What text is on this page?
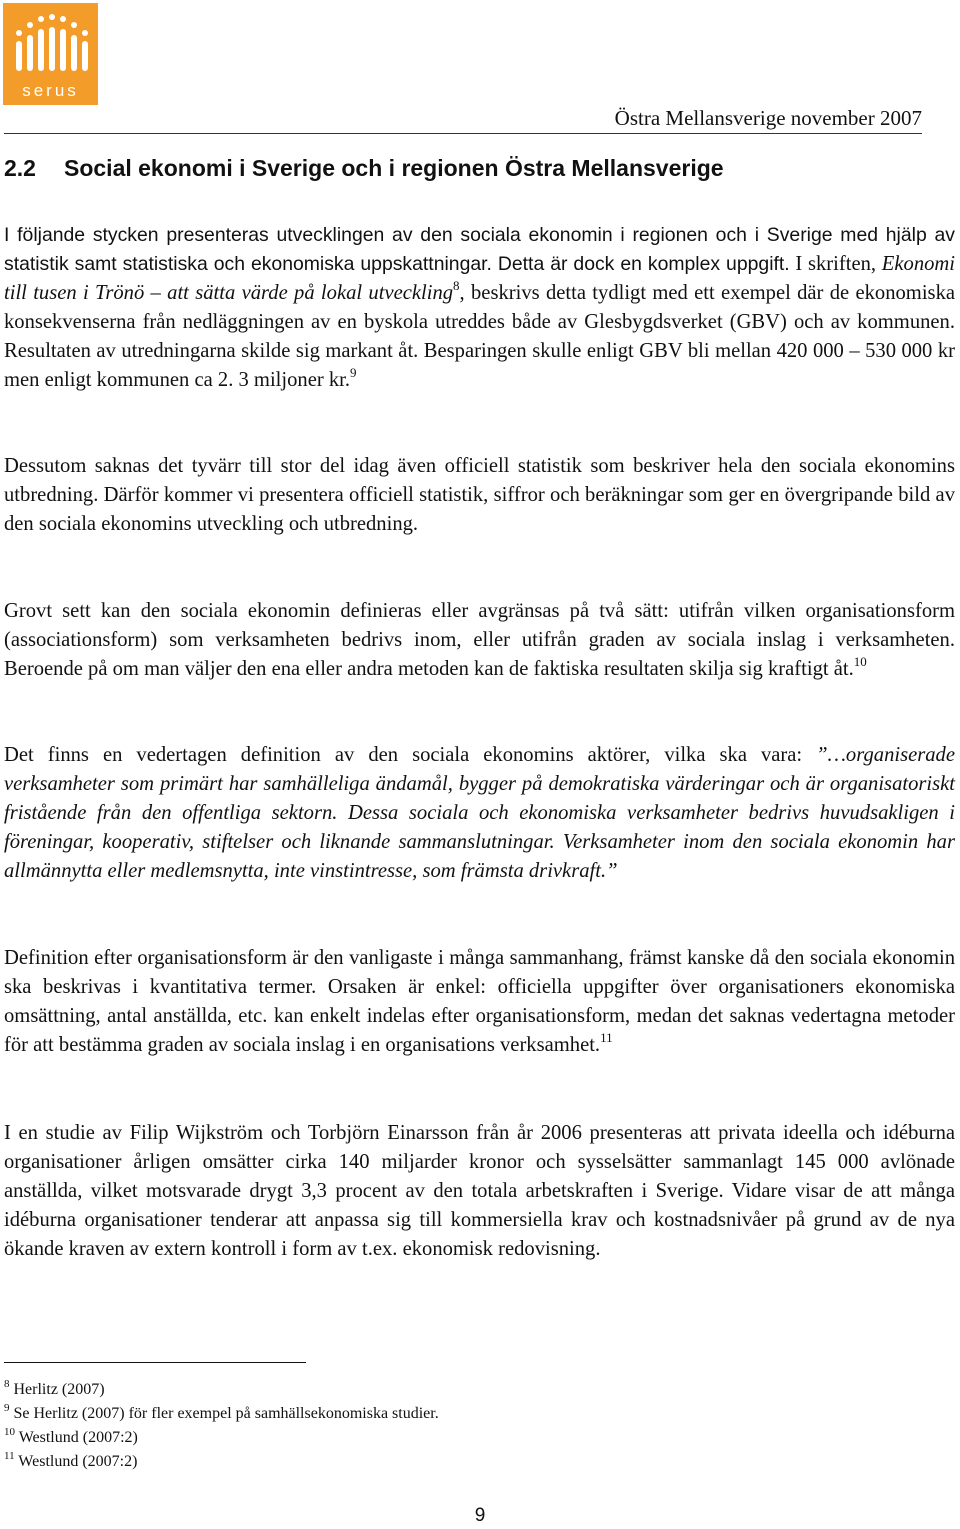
serus
Östra Mellansverige november 2007
2.2 Social ekonomi i Sverige och i regionen Östra Mellansverige

I följande stycken presenteras utvecklingen av den sociala ekonomin i regionen och i Sverige med hjälp av statistik samt statistiska och ekonomiska uppskattningar. Detta är dock en komplex uppgift. I skriften, Ekonomi till tusen i Trönö – att sätta värde på lokal utveckling$^8$, beskrivs detta tydligt med ett exempel där de ekonomiska konsekvenserna från nedläggningen av en byskola utreddes både av Glesbygdsverket (GBV) och av kommunen. Resultaten av utredningarna skilde sig markant åt. Besparingen skulle enligt GBV bli mellan 420 000 – 530 000 kr men enligt kommunen ca 2. 3 miljoner kr.$^9$

Dessutom saknas det tyvärr till stor del idag även officiell statistik som beskriver hela den sociala ekonomins utbredning. Därför kommer vi presentera officiell statistik, siffror och beräkningar som ger en övergripande bild av den sociala ekonomins utveckling och utbredning.

Grovt sett kan den sociala ekonomin definieras eller avgränsas på två sätt: utifrån vilken organisationsform (associationsform) som verksamheten bedrivs inom, eller utifrån graden av sociala inslag i verksamheten. Beroende på om man väljer den ena eller andra metoden kan de faktiska resultaten skilja sig kraftigt åt.$^{10}$

Det finns en vedertagen definition av den sociala ekonomins aktörer, vilka ska vara: ”…organiserade verksamheter som primärt har samhälleliga ändamål, bygger på demokratiska värderingar och är organisatoriskt fristående från den offentliga sektorn. Dessa sociala och ekonomiska verksamheter bedrivs huvudsakligen i föreningar, kooperativ, stiftelser och liknande sammanslutningar. Verksamheter inom den sociala ekonomin har allmännytta eller medlemsnytta, inte vinstintresse, som främsta drivkraft.”

Definition efter organisationsform är den vanligaste i många sammanhang, främst kanske då den sociala ekonomin ska beskrivas i kvantitativa termer. Orsaken är enkel: officiella uppgifter över organisationers ekonomiska omsättning, antal anställda, etc. kan enkelt indelas efter organisationsform, medan det saknas vedertagna metoder för att bestämma graden av sociala inslag i en organisations verksamhet.$^{11}$

I en studie av Filip Wijkström och Torbjörn Einarsson från år 2006 presenteras att privata ideella och idéburna organisationer årligen omsätter cirka 140 miljarder kronor och sysselsätter sammanlagt 145 000 avlönade anställda, vilket motsvarade drygt 3,3 procent av den totala arbetskraften i Sverige. Vidare visar de att många idéburna organisationer tenderar att anpassa sig till kommersiella krav och kostnadsnivåer på grund av de nya ökande kraven av extern kontroll i form av t.ex. ekonomisk redovisning.

$^8$ Herlitz (2007)
$^9$ Se Herlitz (2007) för fler exempel på samhällsekonomiska studier.
$^{10}$ Westlund (2007:2)
$^{11}$ Westlund (2007:2)
9
